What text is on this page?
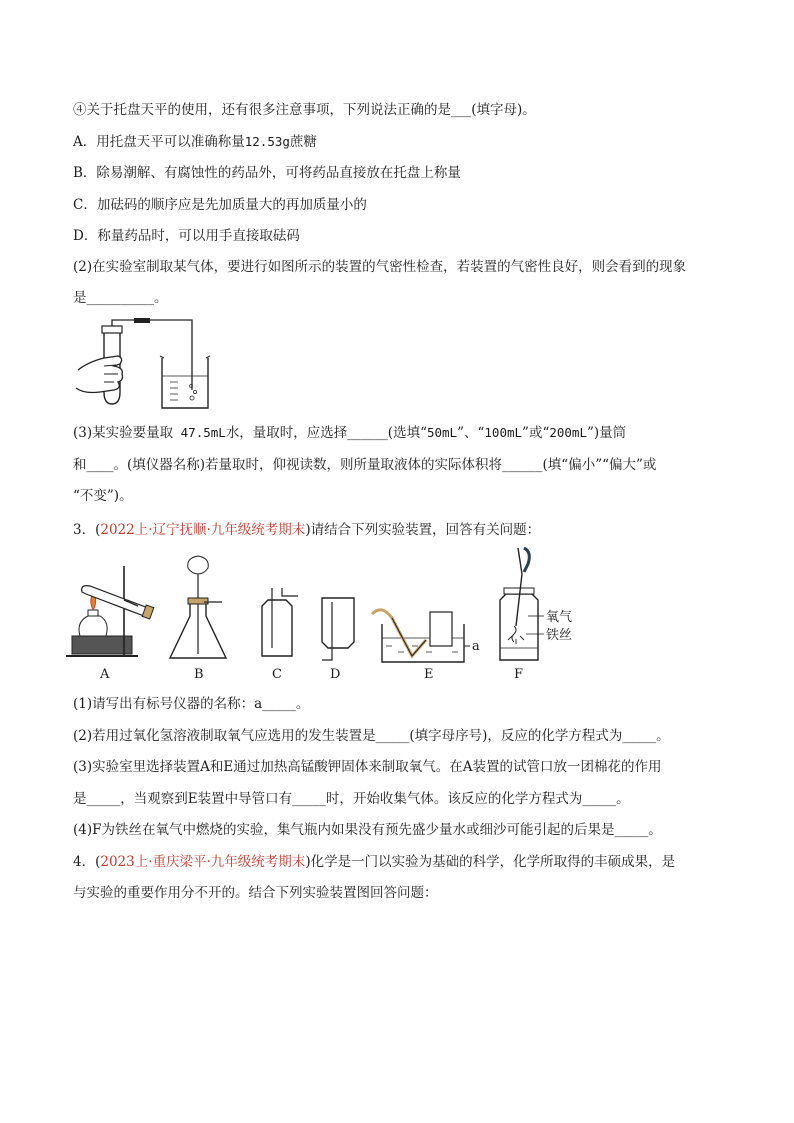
④关于托盘天平的使用，还有很多注意事项，下列说法正确的是___(填字母)。
A．用托盘天平可以准确称量12.53g蔗糖
B．除易潮解、有腐蚀性的药品外，可将药品直接放在托盘上称量
C．加砝码的顺序应是先加质量大的再加质量小的
D．称量药品时，可以用手直接取砝码
(2)在实验室制取某气体，要进行如图所示的装置的气密性检查，若装置的气密性良好，则会看到的现象
是__________。
(3)某实验要量取 47.5mL水，量取时，应选择______(选填“50mL”、“100mL”或“200mL”)量筒
和____。(填仪器名称)若量取时，仰视读数，则所量取液体的实际体积将______(填“偏小”“偏大”或
“不变”)。
3．(2022上·辽宁抚顺·九年级统考期末)请结合下列实验装置，回答有关问题：
a
氧气
铁丝
A	B	C	D	E	F
(1)请写出有标号仪器的名称：a_____。
(2)若用过氧化氢溶液制取氧气应选用的发生装置是_____(填字母序号)，反应的化学方程式为_____。
(3)实验室里选择装置A和E通过加热高锰酸钾固体来制取氧气。在A装置的试管口放一团棉花的作用
是_____，当观察到E装置中导管口有_____时，开始收集气体。该反应的化学方程式为_____。
(4)F为铁丝在氧气中燃烧的实验，集气瓶内如果没有预先盛少量水或细沙可能引起的后果是_____。
4．(2023上·重庆梁平·九年级统考期末)化学是一门以实验为基础的科学，化学所取得的丰硕成果，是
与实验的重要作用分不开的。结合下列实验装置图回答问题：
